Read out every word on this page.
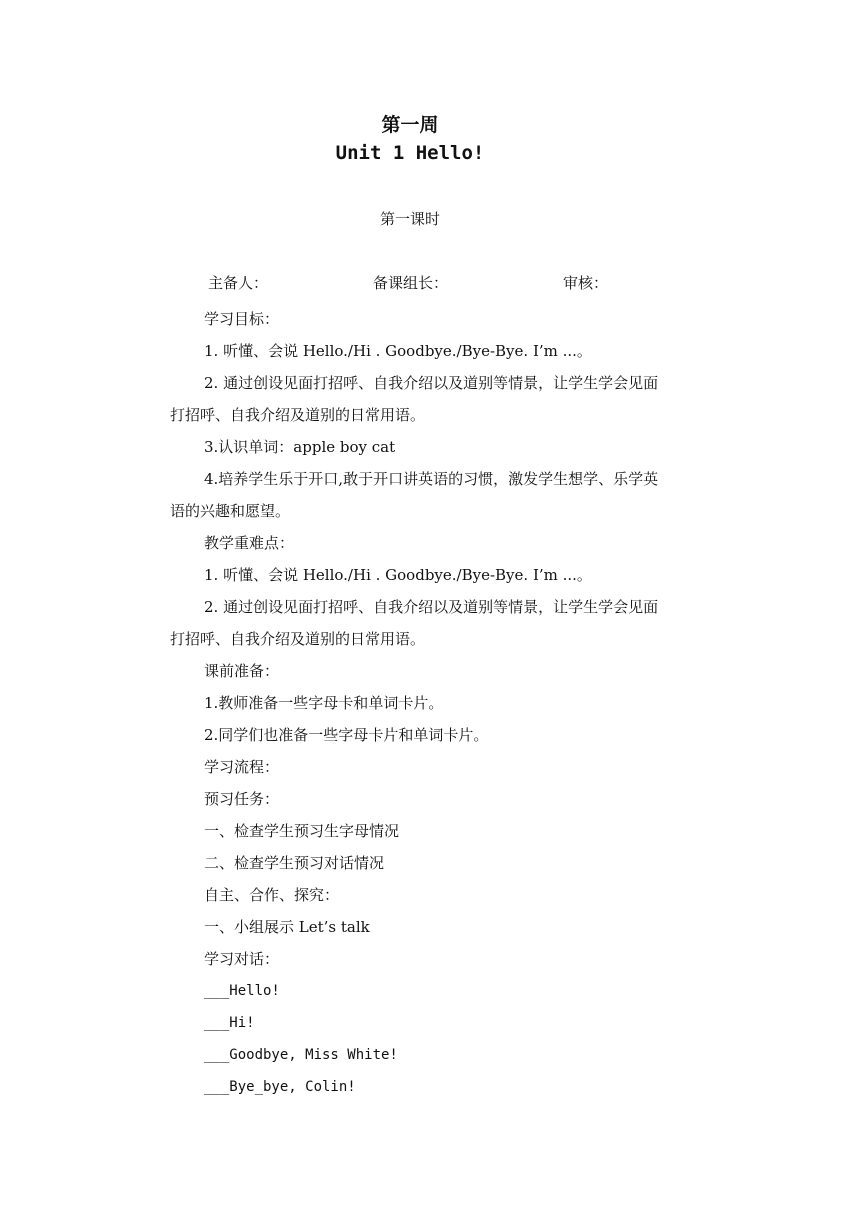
第一周
Unit 1 Hello!
第一课时
主备人：	备课组长：	审核：

学习目标：

1. 听懂、会说 Hello./Hi . Goodbye./Bye-Bye. I’m ...。

2. 通过创设见面打招呼、自我介绍以及道别等情景，让学生学会见面打招呼、自我介绍及道别的日常用语。

3.认识单词：apple boy cat

4.培养学生乐于开口,敢于开口讲英语的习惯，激发学生想学、乐学英语的兴趣和愿望。

教学重难点：

1. 听懂、会说 Hello./Hi . Goodbye./Bye-Bye. I’m ...。

2. 通过创设见面打招呼、自我介绍以及道别等情景，让学生学会见面打招呼、自我介绍及道别的日常用语。

课前准备：

1.教师准备一些字母卡和单词卡片。

2.同学们也准备一些字母卡片和单词卡片。

学习流程：

预习任务：

一、检查学生预习生字母情况

二、检查学生预习对话情况

自主、合作、探究：

一、小组展示 Let’s talk

学习对话：

___Hello!

___Hi!

___Goodbye, Miss White!

___Bye_bye, Colin!
